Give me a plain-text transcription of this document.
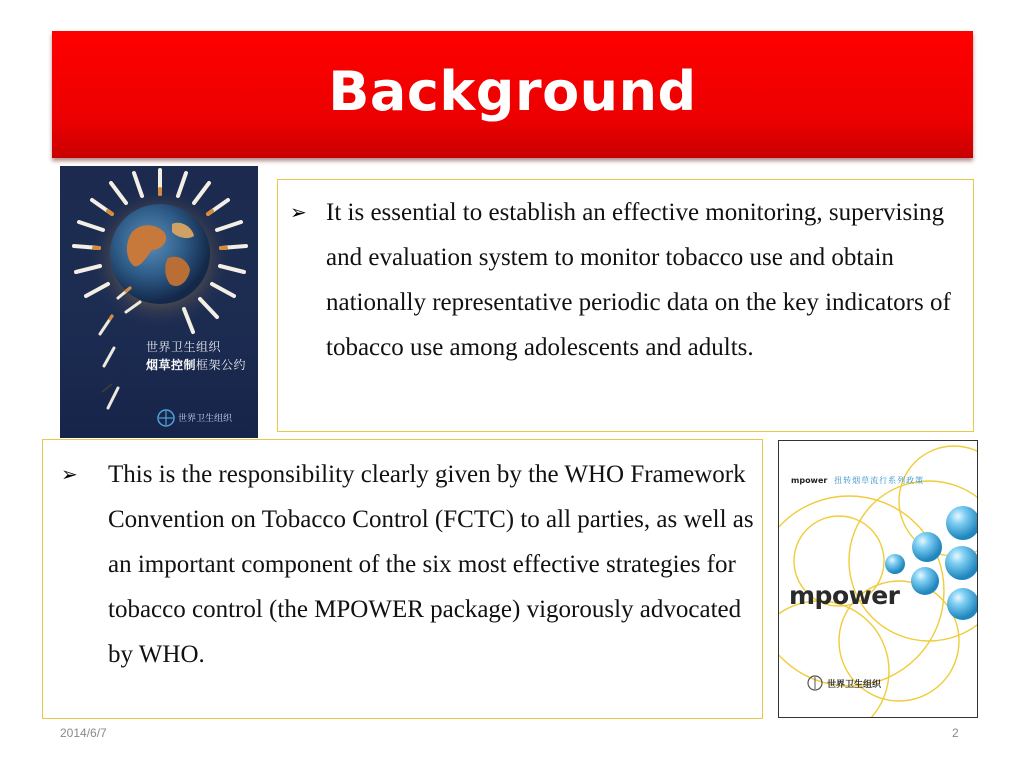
Background
世界卫生组织
烟草控制框架公约
世界卫生组织
➢ It is essential to establish an effective monitoring, supervising and evaluation system to monitor tobacco use and obtain nationally representative periodic data on the key indicators of tobacco use among adolescents and adults.
➢	This is the responsibility clearly given by the WHO Framework Convention on Tobacco Control (FCTC) to all parties, as well as an important component of the six most effective strategies for tobacco control (the MPOWER package) vigorously advocated by WHO.
mpower 扭转烟草流行系列政策
mpower
世界卫生组织
2014/6/7	2
